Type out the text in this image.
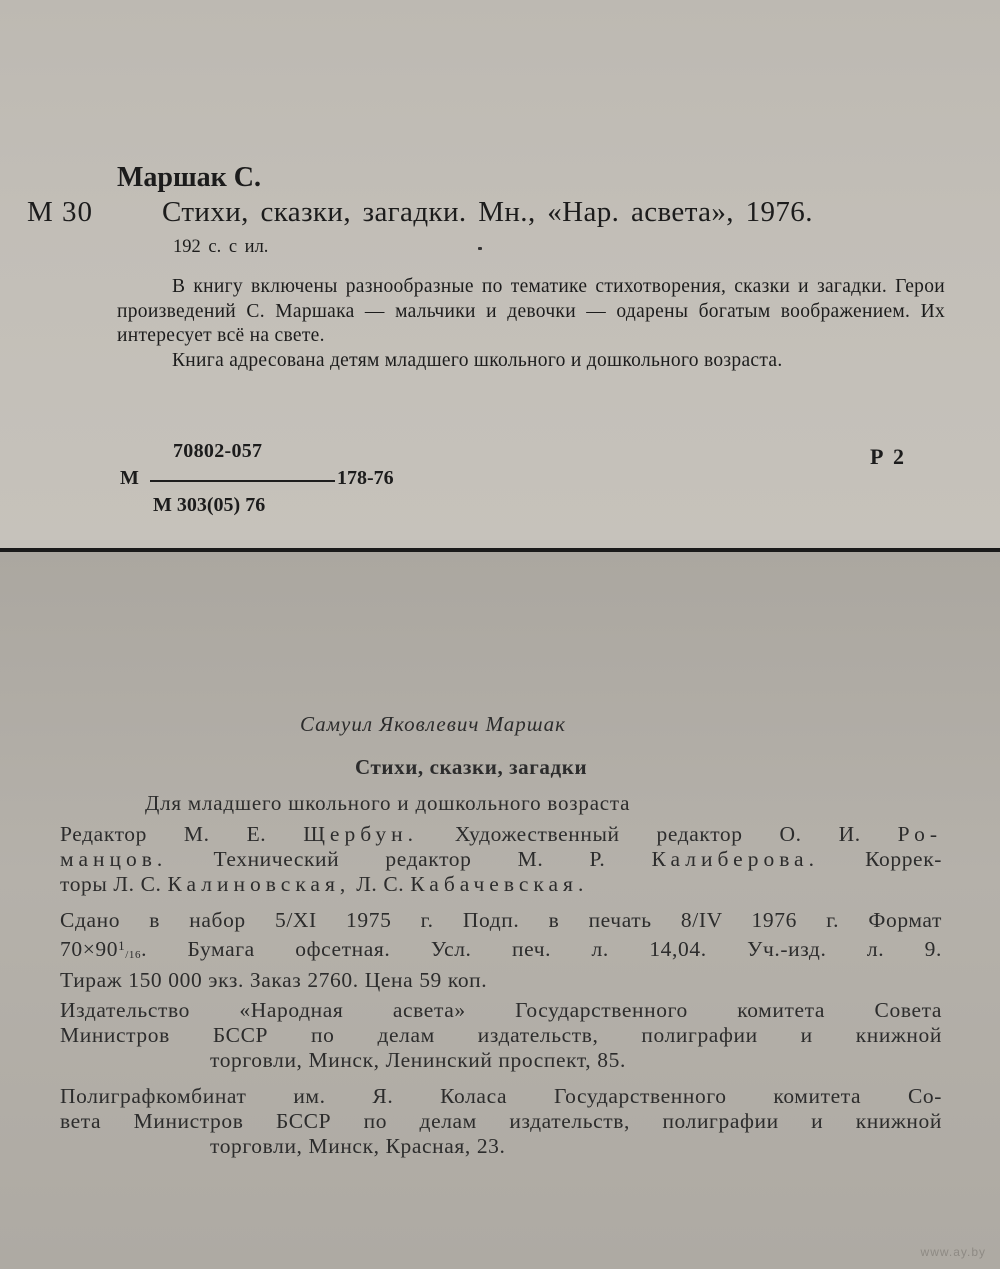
Маршак С.
М 30 Стихи, сказки, загадки. Мн., «Нар. асвета», 1976.
192 с. с ил.

В книгу включены разнообразные по тематике стихотворения, сказки и загадки. Герои произведений С. Маршака — мальчики и девочки — одарены богатым воображением. Их интересует всё на свете.

Книга адресована детям младшего школьного и дошкольного возраста.

70802-057
М	178-76
М 303(05) 76
Р 2
Самуил Яковлевич Маршак
Стихи, сказки, загадки
Для младшего школьного и дошкольного возраста
Редактор М. Е. Щербун. Художественный редактор О. И. Ро-
манцов. Технический редактор М. Р. Калиберова. Коррек-
торы Л. С. Калиновская, Л. С. Кабачевская.
Сдано в набор 5/XI 1975 г. Подп. в печать 8/IV 1976 г. Формат
$70\times 90^1/16$. Бумага офсетная. Усл. печ. л. 14,04. Уч.-изд. л. 9.
Тираж 150 000 экз. Заказ 2760. Цена 59 коп.
Издательство «Народная асвета» Государственного комитета Совета
Министров БССР по делам издательств, полиграфии и книжной
торговли, Минск, Ленинский проспект, 85.
Полиграфкомбинат им. Я. Коласа Государственного комитета Со-
вета Министров БССР по делам издательств, полиграфии и книжной
торговли, Минск, Красная, 23.
www.ay.by
